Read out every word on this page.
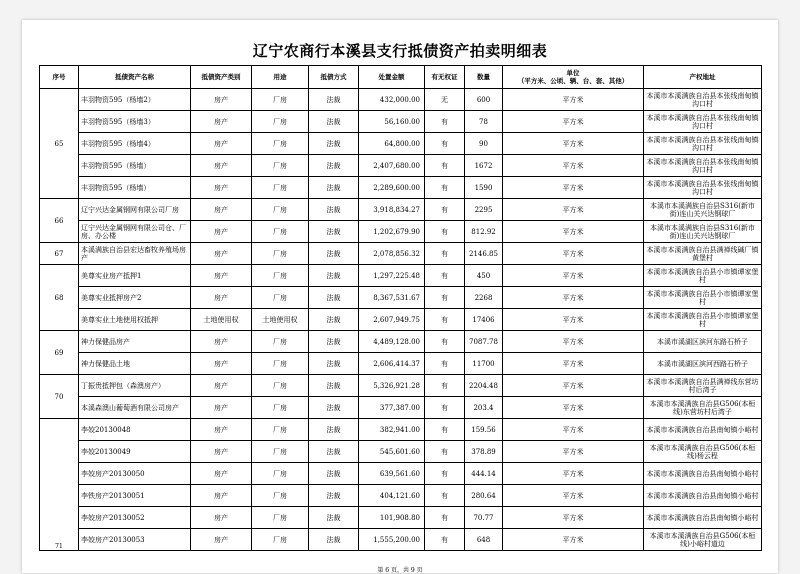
辽宁农商行本溪县支行抵债资产拍卖明细表
序号	抵债资产名称	抵债资产类别	用途	抵债方式	处置金额	有无权证	数量	单位
（平方米、公顷、辆、台、套、其他）	产权地址
65	丰羽物资595（杨墙2）	房产	厂房	法裁	432,000.00	无	600	平方米	本溪市本溪满族自治县本张线南甸镇沟口村
	丰羽物资595（杨墙3）	房产	厂房	法裁	56,160.00	有	78	平方米	本溪市本溪满族自治县本张线南甸镇沟口村
	丰羽物资595（杨墙4）	房产	厂房	法裁	64,800.00	有	90	平方米	本溪市本溪满族自治县本张线南甸镇沟口村
	丰羽物资595（杨墙）	房产	厂房	法裁	2,407,680.00	有	1672	平方米	本溪市本溪满族自治县本张线南甸镇沟口村
	丰羽物资595（杨墙）	房产	厂房	法裁	2,289,600.00	有	1590	平方米	本溪市本溪满族自治县本张线南甸镇沟口村
66	辽宁兴达金属钢网有限公司厂房	房产	厂房	法裁	3,918,834.27	有	2295	平方米	本溪市本溪满族自治县S316(新市街)连山关兴达钢球厂
	辽宁兴达金属钢网有限公司仓、厂房、办公楼	房产	厂房	法裁	1,202,679.90	有	812.92	平方米	本溪市本溪满族自治县S316(新市街)连山关兴达钢球厂
67	本溪满族自治县宏达畜牧养殖场房产	房产	厂房	法裁	2,078,856.32	有	2146.85	平方米	本溪市本溪满族自治县满禅线碱厂镇黄堡村
68	美尊实业房产抵押1	房产	厂房	法裁	1,297,225.48	有	450	平方米	本溪市本溪满族自治县小市镇谭家堡村
	美尊实业抵押房产2	房产	厂房	法裁	8,367,531.67	有	2268	平方米	本溪市本溪满族自治县小市镇谭家堡村
	美尊实业土地使用权抵押	土地使用权	土地使用权	法裁	2,607,949.75	有	17406	平方米	本溪市本溪满族自治县小市镇谭家堡村
69	神力保健品房产	房产	厂房	法裁	4,489,128.00	有	7087.78	平方米	本溪市溪湖区滨河东路石桥子
	神力保健品土地	房产	厂房	法裁	2,606,414.37	有	11700	平方米	本溪市溪湖区滨河西路石桥子
70	丁振贵抵押包（森澳房产）	房产	厂房	法裁	5,326,921.28	有	2204.48	平方米	本溪市本溪满族自治县满禅线东营坊村后湾子
	本溪森澳山葡萄酒有限公司房产	房产	厂房	法裁	377,387.00	有	203.4	平方米	本溪市本溪满族自治县G506(本桓线)东营坊村后湾子
71	李姣20130048	房产	厂房	法裁	382,941.00	有	159.56	平方米	本溪市本溪满族自治县南甸镇小峪村
	李姣20130049	房产	厂房	法裁	545,601.60	有	378.89	平方米	本溪市本溪满族自治县G506(本桓线)杨云程
	李姣房产20130050	房产	厂房	法裁	639,561.60	有	444.14	平方米	本溪市本溪满族自治县南甸镇小峪村
	李铁房产20130051	房产	厂房	法裁	404,121.60	有	280.64	平方米	本溪市本溪满族自治县南甸镇小峪村
	李姣房产20130052	房产	厂房	法裁	101,908.80	有	70.77	平方米	本溪市本溪满族自治县南甸镇小峪村
	李姣房产20130053	房产	厂房	法裁	1,555,200.00	有	648	平方米	本溪市本溪满族自治县G506(本桓线)小峪村道边
第 6 页，共 9 页
